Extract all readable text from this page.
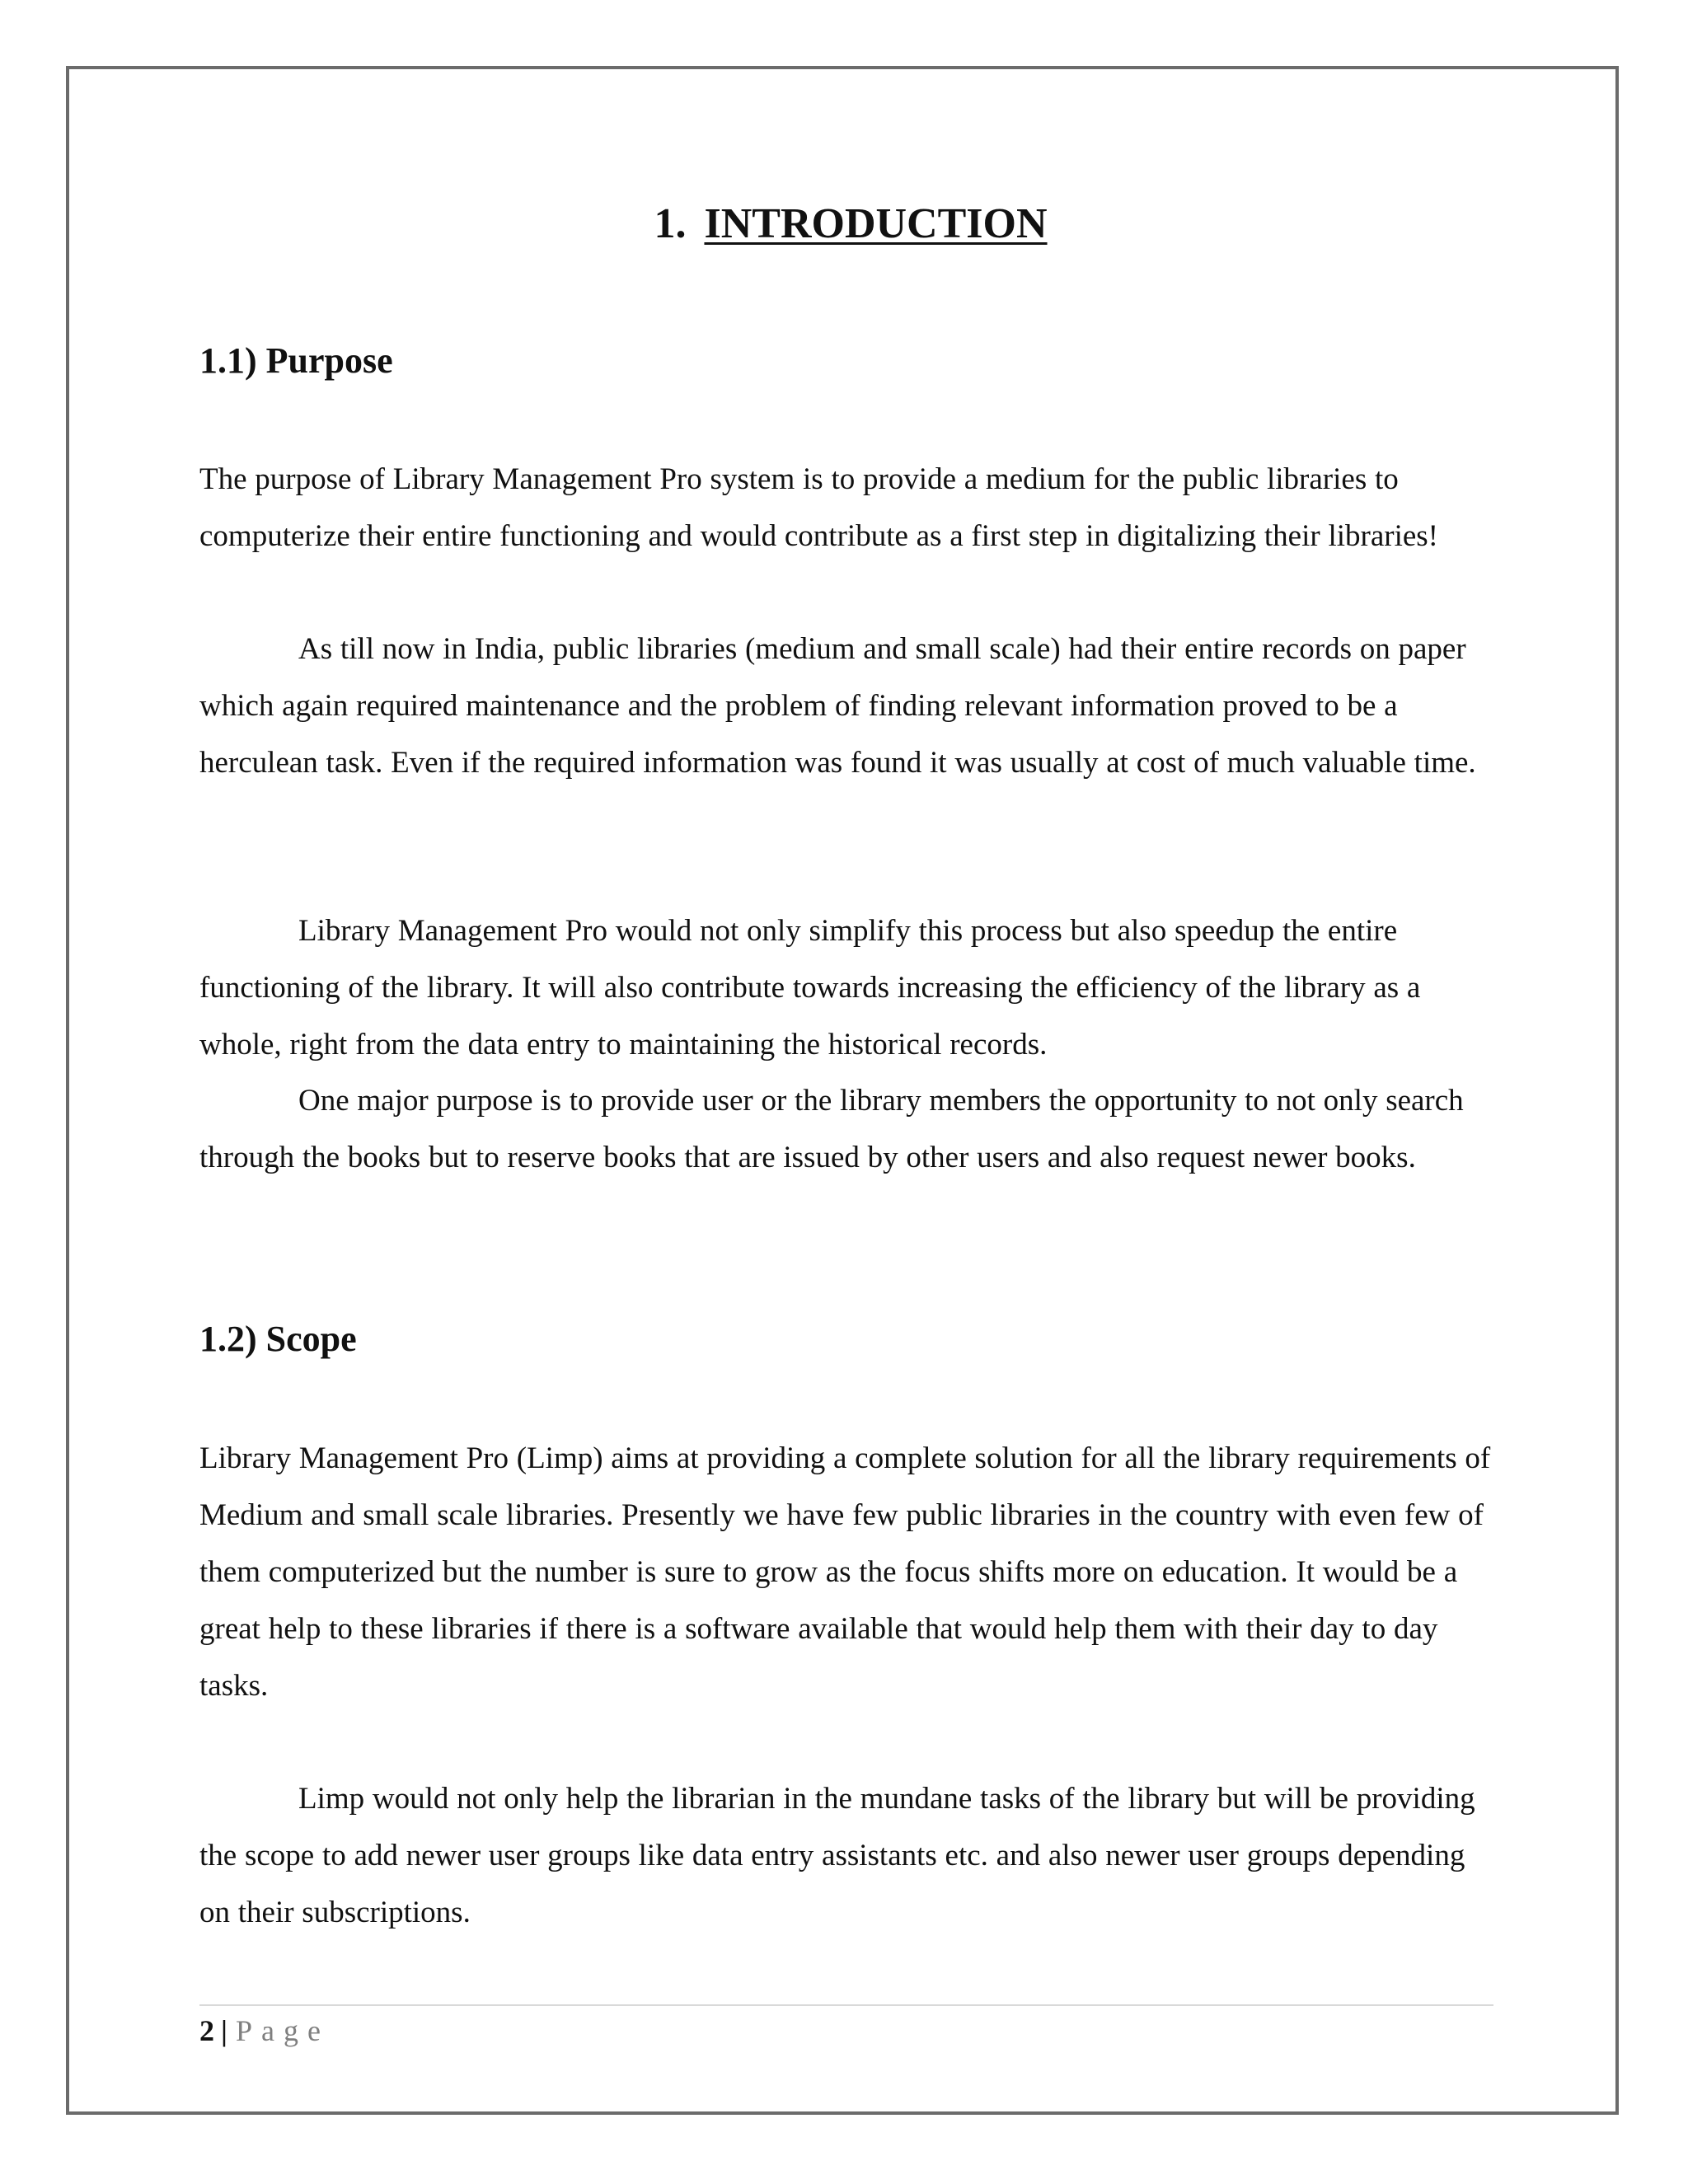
1. INTRODUCTION
1.1) Purpose

The purpose of Library Management Pro system is to provide a medium for the public libraries to computerize their entire functioning and would contribute as a first step in digitalizing their libraries!

As till now in India, public libraries (medium and small scale) had their entire records on paper which again required maintenance and the problem of finding relevant information proved to be a herculean task. Even if the required information was found it was usually at cost of much valuable time.

Library Management Pro would not only simplify this process but also speedup the entire functioning of the library. It will also contribute towards increasing the efficiency of the library as a whole, right from the data entry to maintaining the historical records.

One major purpose is to provide user or the library members the opportunity to not only search through the books but to reserve books that are issued by other users and also request newer books.

1.2) Scope

Library Management Pro (Limp) aims at providing a complete solution for all the library requirements of Medium and small scale libraries. Presently we have few public libraries in the country with even few of them computerized but the number is sure to grow as the focus shifts more on education. It would be a great help to these libraries if there is a software available that would help them with their day to day tasks.

Limp would not only help the librarian in the mundane tasks of the library but will be providing the scope to add newer user groups like data entry assistants etc. and also newer user groups depending on their subscriptions.

2 | Page
